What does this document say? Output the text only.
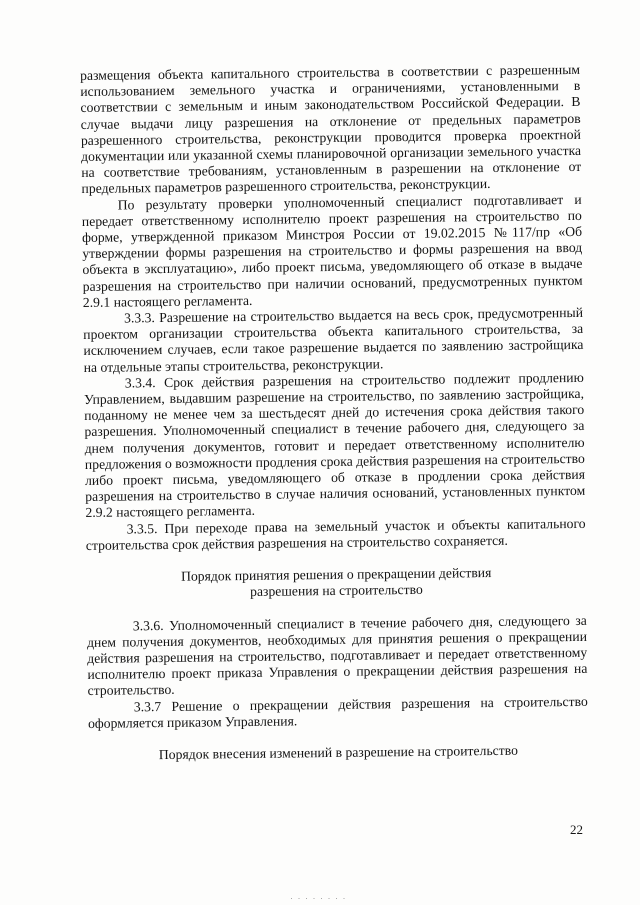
размещения объекта капитального строительства в соответствии с разрешенным использованием земельного участка и ограничениями, установленными в соответствии с земельным и иным законодательством Российской Федерации. В случае выдачи лицу разрешения на отклонение от предельных параметров разрешенного строительства, реконструкции проводится проверка проектной документации или указанной схемы планировочной организации земельного участка на соответствие требованиям, установленным в разрешении на отклонение от предельных параметров разрешенного строительства, реконструкции.

По результату проверки уполномоченный специалист подготавливает и передает ответственному исполнителю проект разрешения на строительство по форме, утвержденной приказом Минстроя России от 19.02.2015 №117/пр «Об утверждении формы разрешения на строительство и формы разрешения на ввод объекта в эксплуатацию», либо проект письма, уведомляющего об отказе в выдаче разрешения на строительство при наличии оснований, предусмотренных пунктом 2.9.1 настоящего регламента.

3.3.3. Разрешение на строительство выдается на весь срок, предусмотренный проектом организации строительства объекта капитального строительства, за исключением случаев, если такое разрешение выдается по заявлению застройщика на отдельные этапы строительства, реконструкции.

3.3.4. Срок действия разрешения на строительство подлежит продлению Управлением, выдавшим разрешение на строительство, по заявлению застройщика, поданному не менее чем за шестьдесят дней до истечения срока действия такого разрешения. Уполномоченный специалист в течение рабочего дня, следующего за днем получения документов, готовит и передает ответственному исполнителю предложения о возможности продления срока действия разрешения на строительство либо проект письма, уведомляющего об отказе в продлении срока действия разрешения на строительство в случае наличия оснований, установленных пунктом 2.9.2 настоящего регламента.

3.3.5. При переходе права на земельный участок и объекты капитального строительства срок действия разрешения на строительство сохраняется.

Порядок принятия решения о прекращении действия
разрешения на строительство

3.3.6. Уполномоченный специалист в течение рабочего дня, следующего за днем получения документов, необходимых для принятия решения о прекращении действия разрешения на строительство, подготавливает и передает ответственному исполнителю проект приказа Управления о прекращении действия разрешения на строительство.

3.3.7 Решение о прекращении действия разрешения на строительство оформляется приказом Управления.

Порядок внесения изменений в разрешение на строительство

22
· · · · · · · ·
